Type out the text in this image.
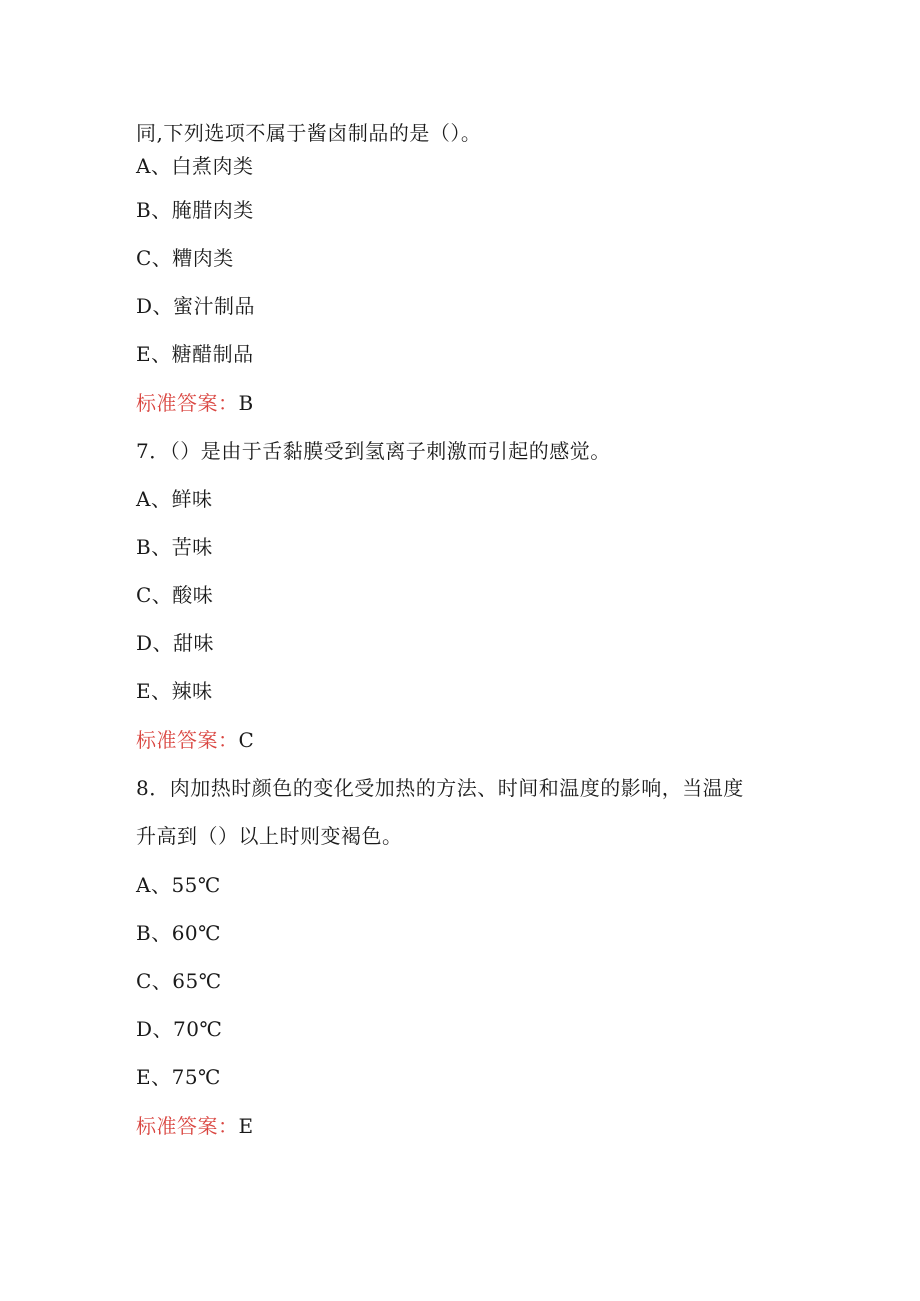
同,下列选项不属于酱卤制品的是（）。
A、白煮肉类
B、腌腊肉类
C、糟肉类
D、蜜汁制品
E、糖醋制品
标准答案：B
7．（）是由于舌黏膜受到氢离子刺激而引起的感觉。
A、鲜味
B、苦味
C、酸味
D、甜味
E、辣味
标准答案：C
8．肉加热时颜色的变化受加热的方法、时间和温度的影响，当温度
升高到（）以上时则变褐色。
A、55℃
B、60℃
C、65℃
D、70℃
E、75℃
标准答案：E
